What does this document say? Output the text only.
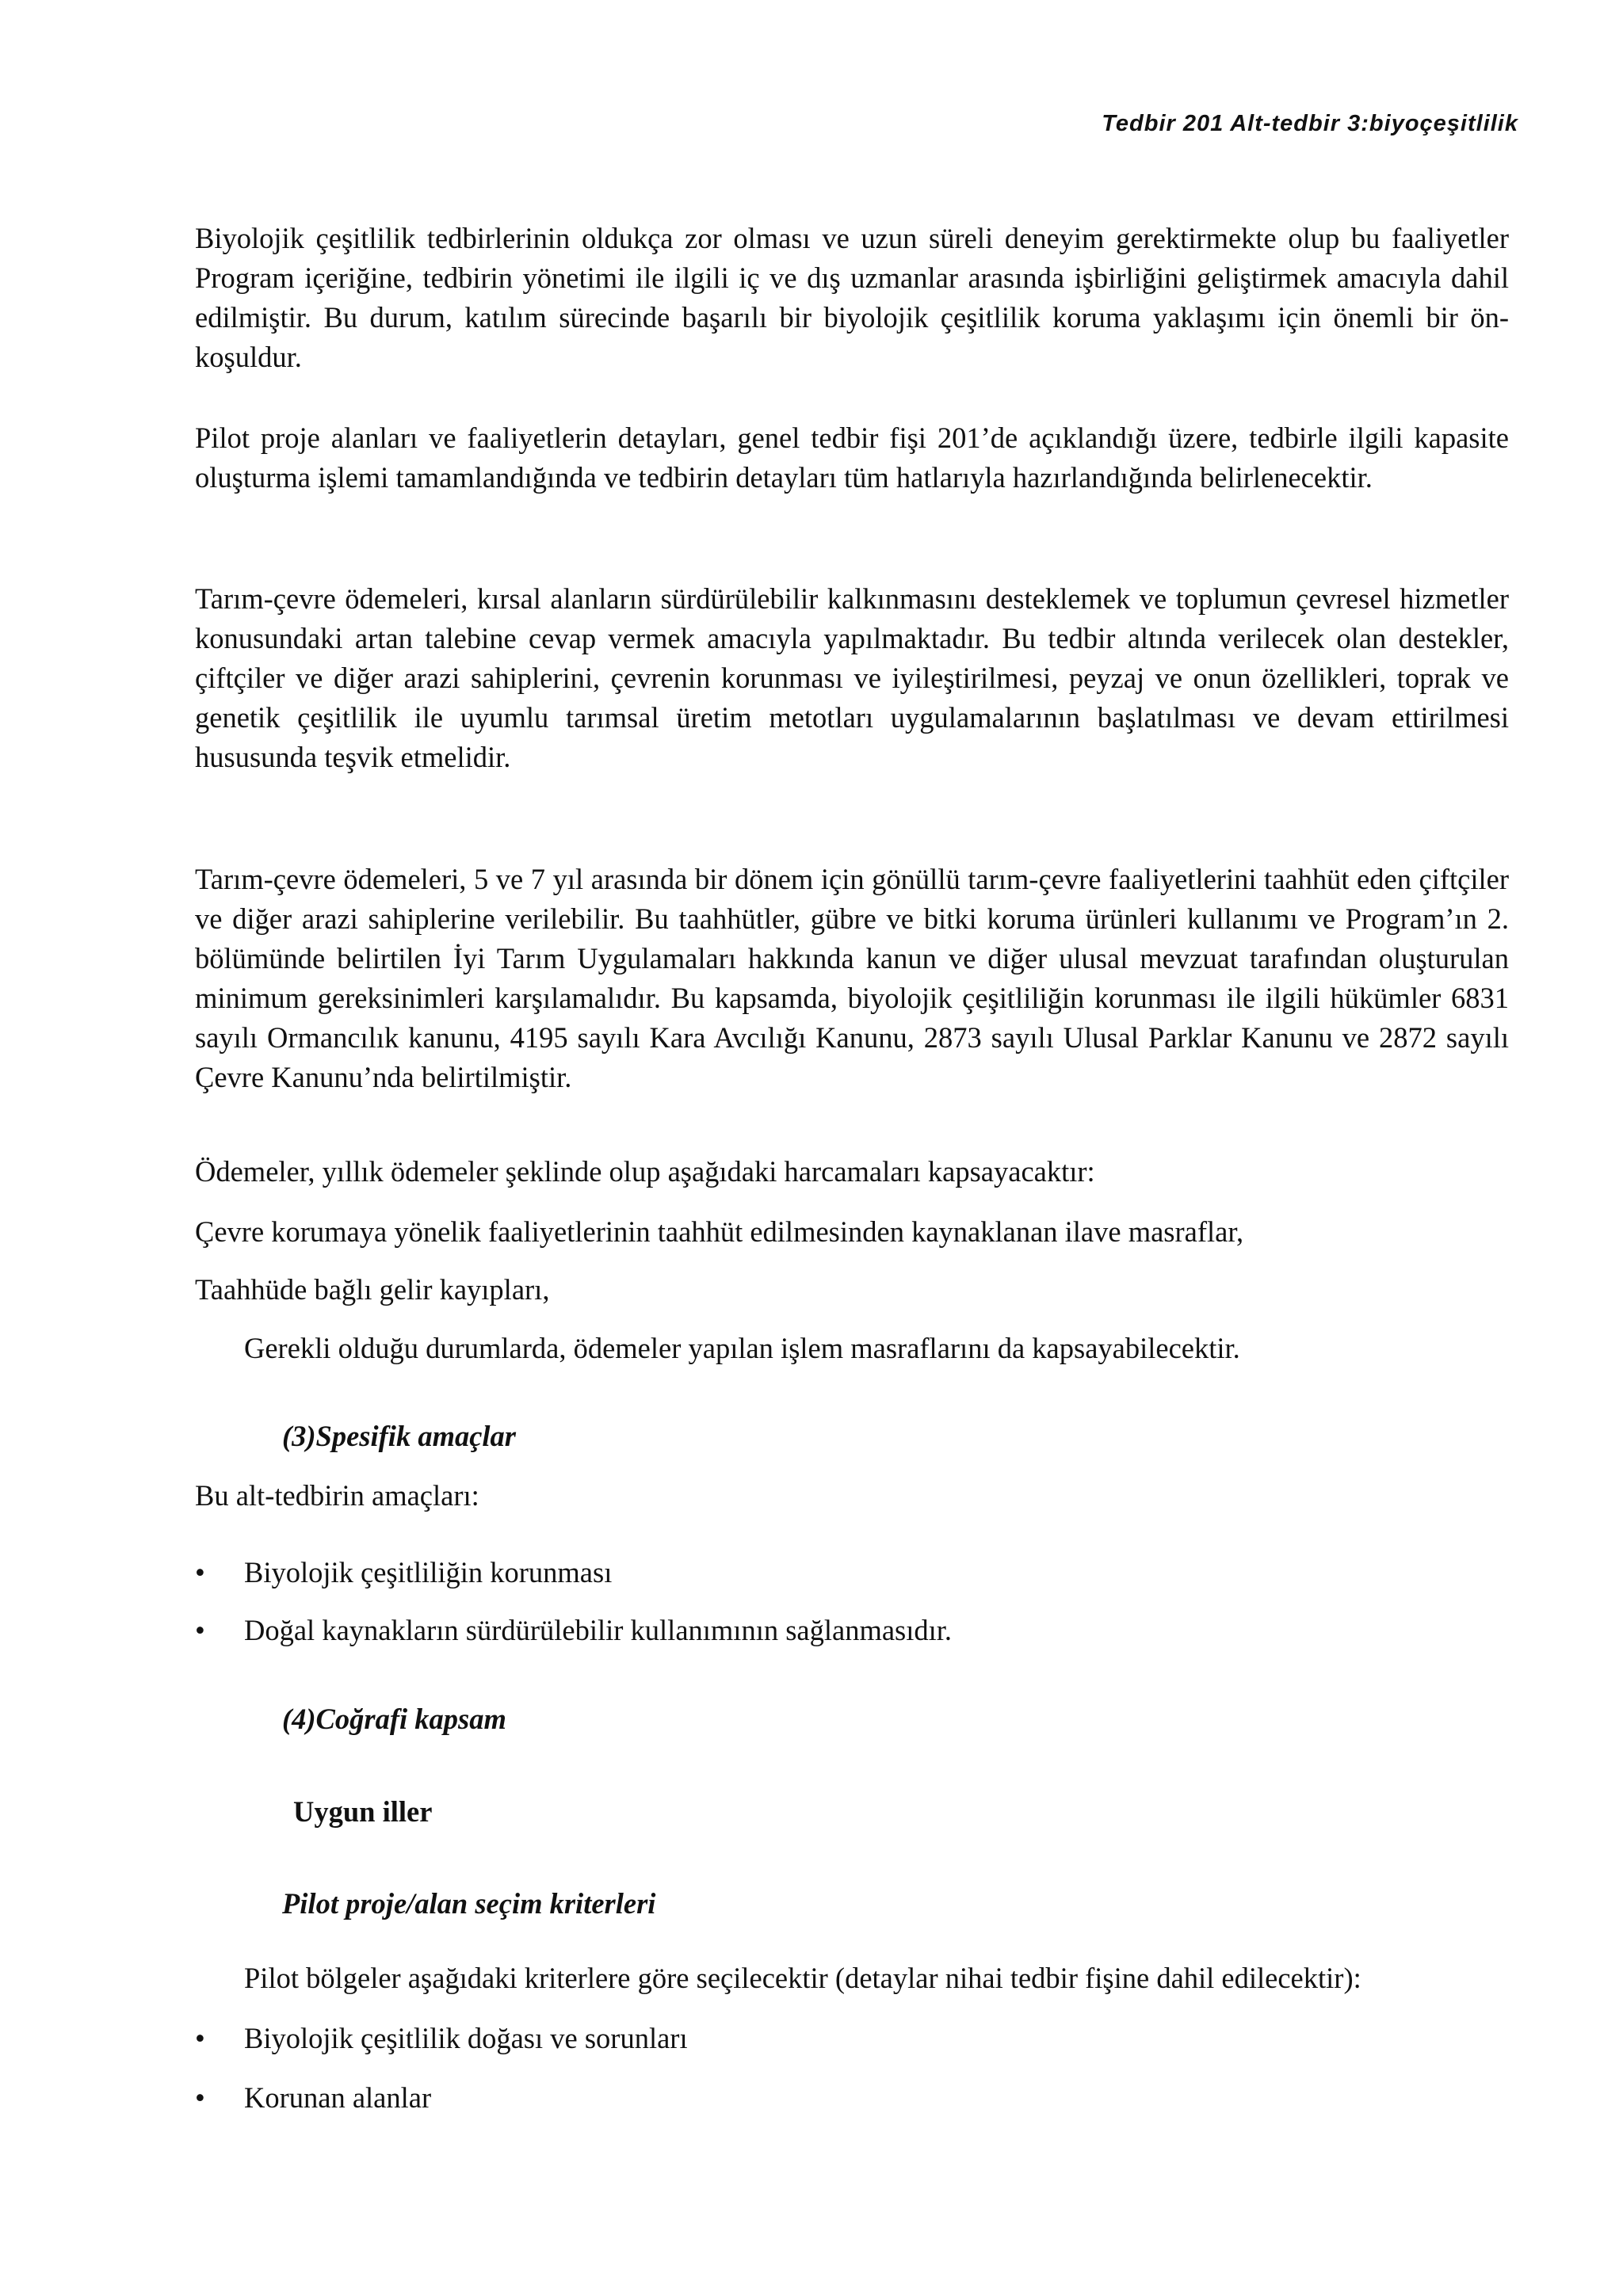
Tedbir 201 Alt-tedbir 3:biyoçeşitlilik

Biyolojik çeşitlilik tedbirlerinin oldukça zor olması ve uzun süreli deneyim gerektirmekte olup bu faaliyetler Program içeriğine, tedbirin yönetimi ile ilgili iç ve dış uzmanlar arasında işbirliğini geliştirmek amacıyla dahil edilmiştir. Bu durum, katılım sürecinde başarılı bir biyolojik çeşitlilik koruma yaklaşımı için önemli bir ön-koşuldur.

Pilot proje alanları ve faaliyetlerin detayları, genel tedbir fişi 201’de açıklandığı üzere, tedbirle ilgili kapasite oluşturma işlemi tamamlandığında ve tedbirin detayları tüm hatlarıyla hazırlandığında belirlenecektir.

Tarım-çevre ödemeleri, kırsal alanların sürdürülebilir kalkınmasını desteklemek ve toplumun çevresel hizmetler konusundaki artan talebine cevap vermek amacıyla yapılmaktadır. Bu tedbir altında verilecek olan destekler, çiftçiler ve diğer arazi sahiplerini, çevrenin korunması ve iyileştirilmesi, peyzaj ve onun özellikleri, toprak ve genetik çeşitlilik ile uyumlu tarımsal üretim metotları uygulamalarının başlatılması ve devam ettirilmesi hususunda teşvik etmelidir.

Tarım-çevre ödemeleri, 5 ve 7 yıl arasında bir dönem için gönüllü tarım-çevre faaliyetlerini taahhüt eden çiftçiler ve diğer arazi sahiplerine verilebilir. Bu taahhütler, gübre ve bitki koruma ürünleri kullanımı ve Program’ın 2. bölümünde belirtilen İyi Tarım Uygulamaları hakkında kanun ve diğer ulusal mevzuat tarafından oluşturulan minimum gereksinimleri karşılamalıdır. Bu kapsamda, biyolojik çeşitliliğin korunması ile ilgili hükümler 6831 sayılı Ormancılık kanunu, 4195 sayılı Kara Avcılığı Kanunu, 2873 sayılı Ulusal Parklar Kanunu ve 2872 sayılı Çevre Kanunu’nda belirtilmiştir.

Ödemeler, yıllık ödemeler şeklinde olup aşağıdaki harcamaları kapsayacaktır:

Çevre korumaya yönelik faaliyetlerinin taahhüt edilmesinden kaynaklanan ilave masraflar,

Taahhüde bağlı gelir kayıpları,

Gerekli olduğu durumlarda, ödemeler yapılan işlem masraflarını da kapsayabilecektir.

(3)Spesifik amaçlar

Bu alt-tedbirin amaçları:

•	Biyolojik çeşitliliğin korunması
•	Doğal kaynakların sürdürülebilir kullanımının sağlanmasıdır.

(4)Coğrafi kapsam

Uygun iller

Pilot proje/alan seçim kriterleri

Pilot bölgeler aşağıdaki kriterlere göre seçilecektir (detaylar nihai tedbir fişine dahil edilecektir):

•	Biyolojik çeşitlilik doğası ve sorunları
•	Korunan alanlar
